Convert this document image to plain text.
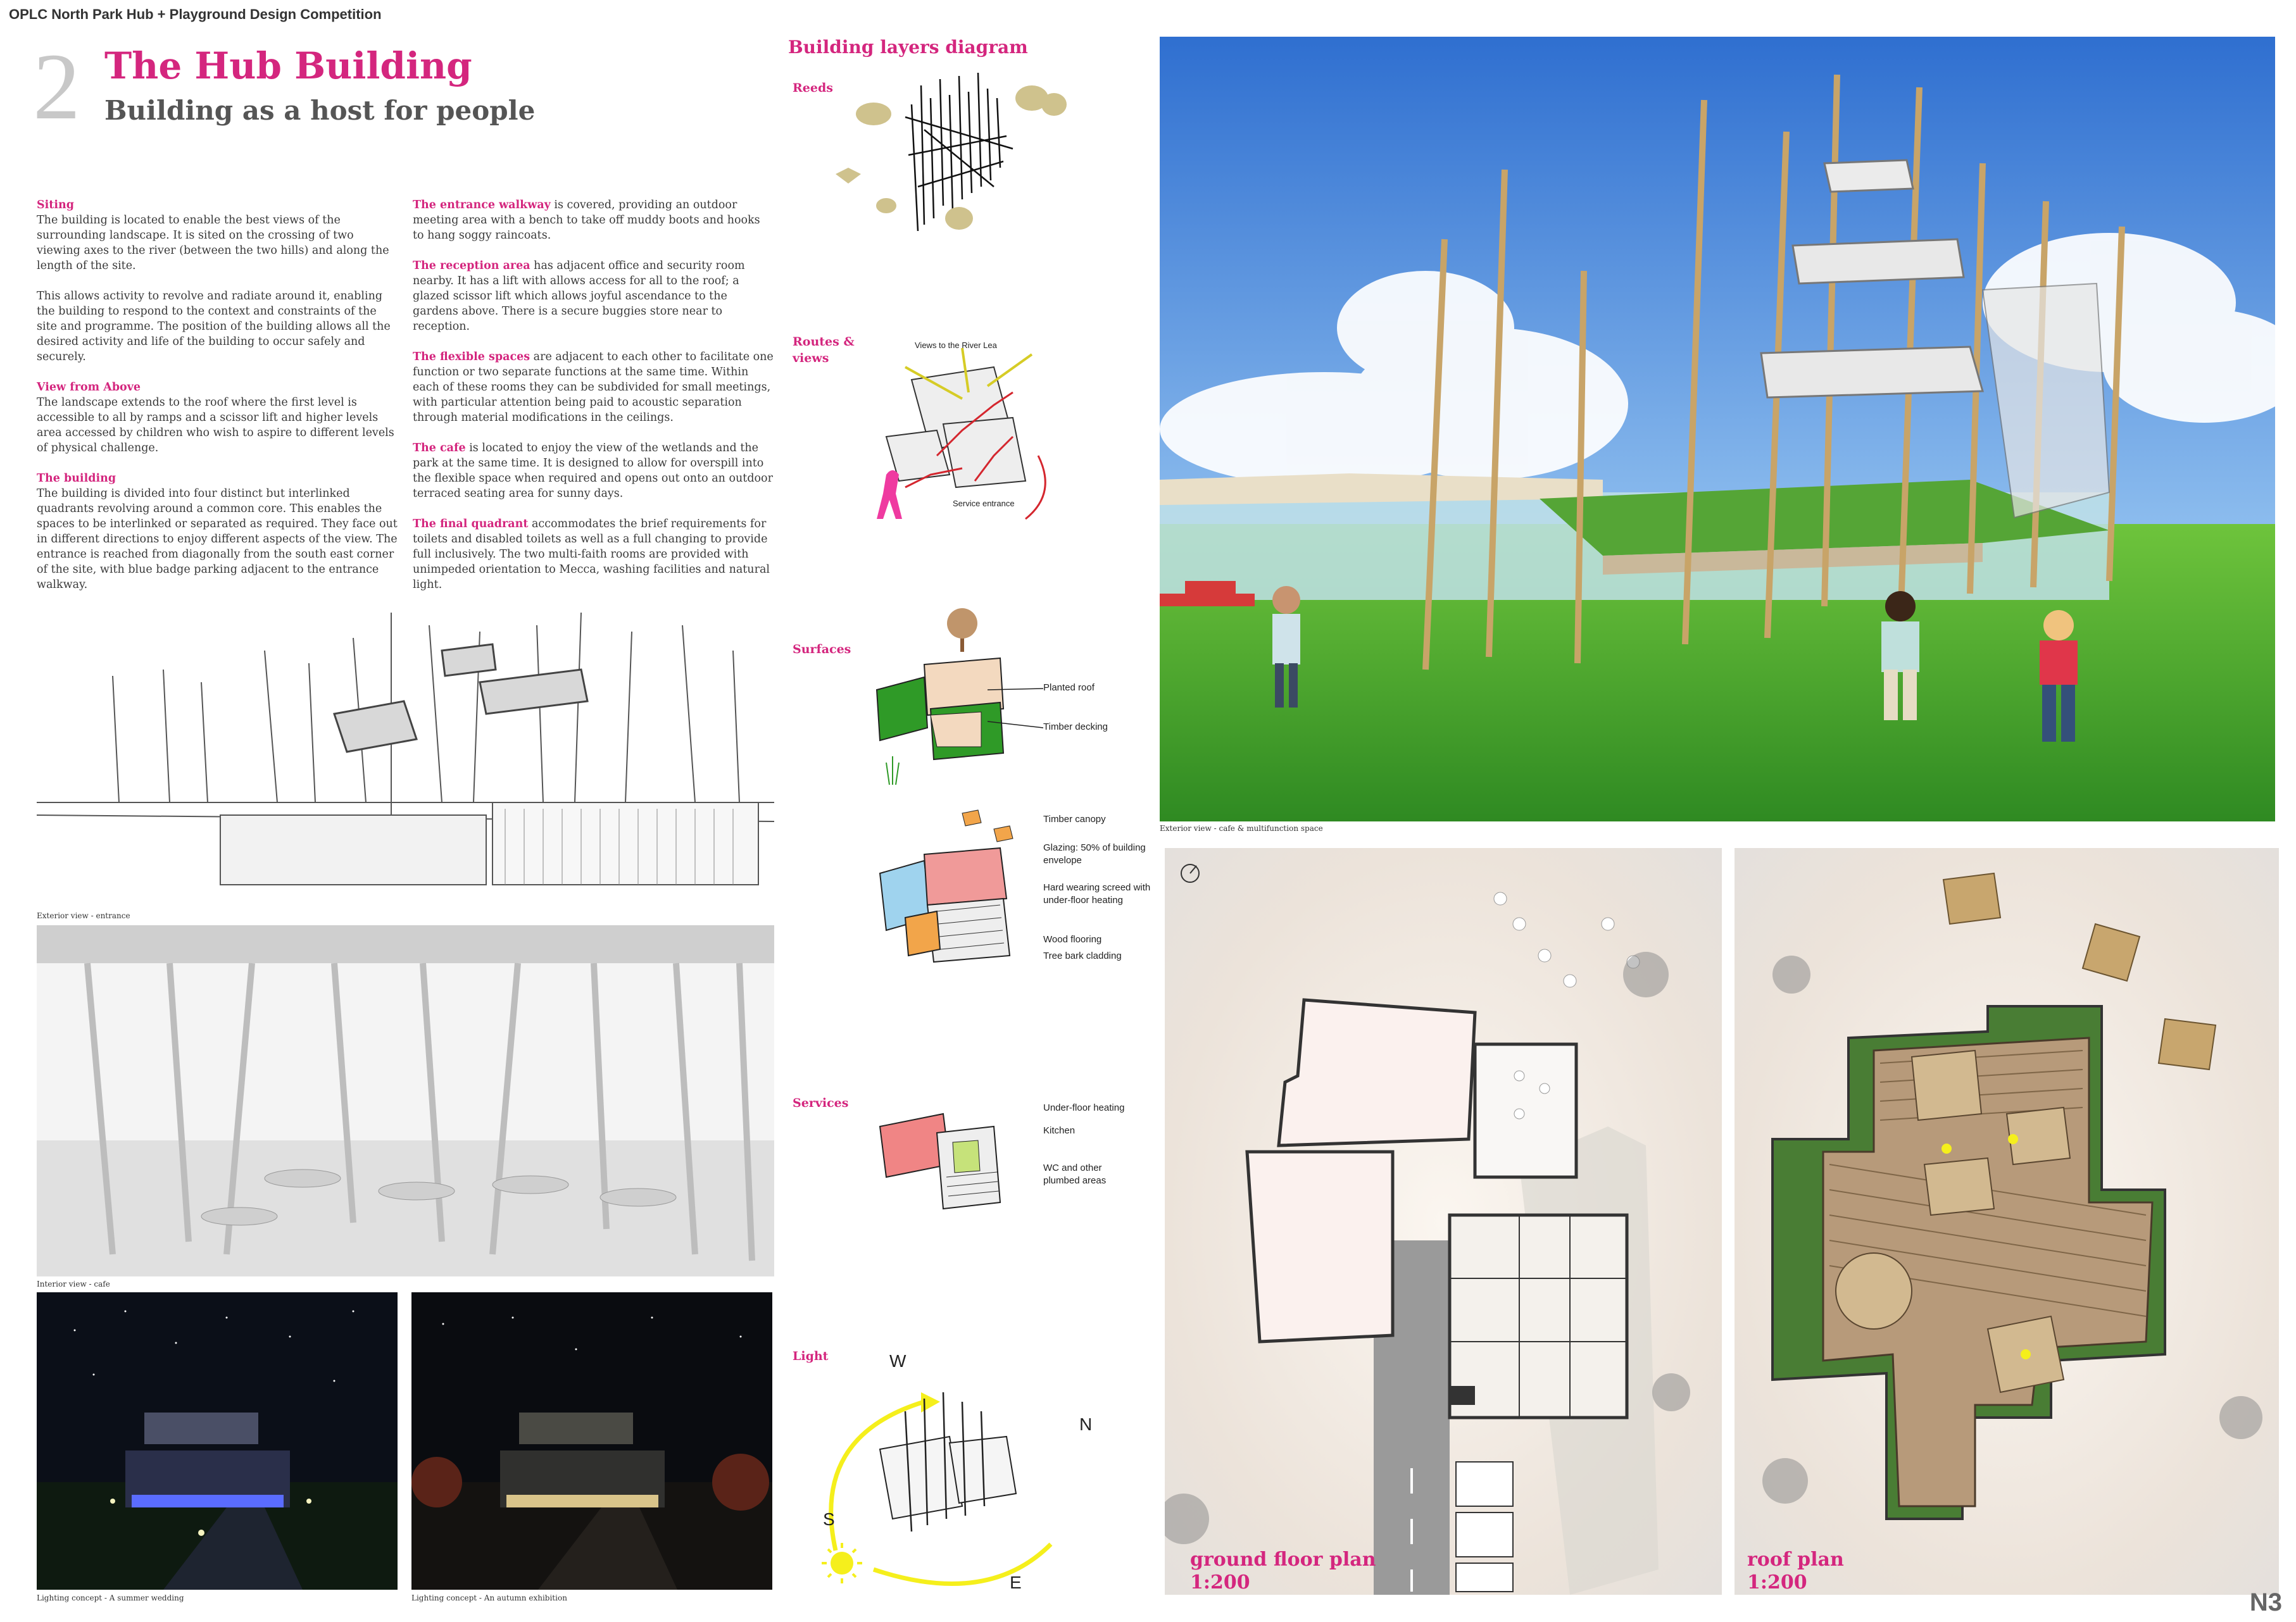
OPLC North Park Hub + Playground Design Competition
2 The Hub Building
Building as a host for people

Siting
The building is located to enable the best views of the surrounding landscape. It is sited on the crossing of two viewing axes to the river (between the two hills) and along the length of the site.

This allows activity to revolve and radiate around it, enabling the building to respond to the context and constraints of the site and programme. The position of the building allows all the desired activity and life of the building to occur safely and securely.

View from Above
The landscape extends to the roof where the first level is accessible to all by ramps and a scissor lift and higher levels area accessed by children who wish to aspire to different levels of physical challenge.

The building
The building is divided into four distinct but interlinked quadrants revolving around a common core. This enables the spaces to be interlinked or separated as required. They face out in different directions to enjoy different aspects of the view. The entrance is reached from diagonally from the south east corner of the site, with blue badge parking adjacent to the entrance walkway.

The entrance walkway is covered, providing an outdoor meeting area with a bench to take off muddy boots and hooks to hang soggy raincoats.

The reception area has adjacent office and security room nearby. It has a lift with allows access for all to the roof; a glazed scissor lift which allows joyful ascendance to the gardens above. There is a secure buggies store near to reception.

The flexible spaces are adjacent to each other to facilitate one function or two separate functions at the same time. Within each of these rooms they can be subdivided for small meetings, with particular attention being paid to acoustic separation through material modifications in the ceilings.

The cafe is located to enjoy the view of the wetlands and the park at the same time. It is designed to allow for overspill into the flexible space when required and opens out onto an outdoor terraced seating area for sunny days.

The final quadrant accommodates the brief requirements for toilets and disabled toilets as well as a full changing to provide full inclusively. The two multi-faith rooms are provided with unimpeded orientation to Mecca, washing facilities and natural light.

Exterior view - entrance
Interior view - cafe
Lighting concept - A summer wedding	Lighting concept - An autumn exhibition
Building layers diagram
Reeds
Routes & views
Views to the River Lea
Service entrance
Surfaces
Planted roof
Timber decking
Timber canopy
Glazing: 50% of building envelope
Hard wearing screed with under-floor heating
Wood flooring
Tree bark cladding
Services	Under-floor heating
Kitchen
WC and other plumbed areas
Light	W
N
S
E
Exterior view - cafe & multifunction space
ground floor plan
1:200
roof plan
1:200
N3
